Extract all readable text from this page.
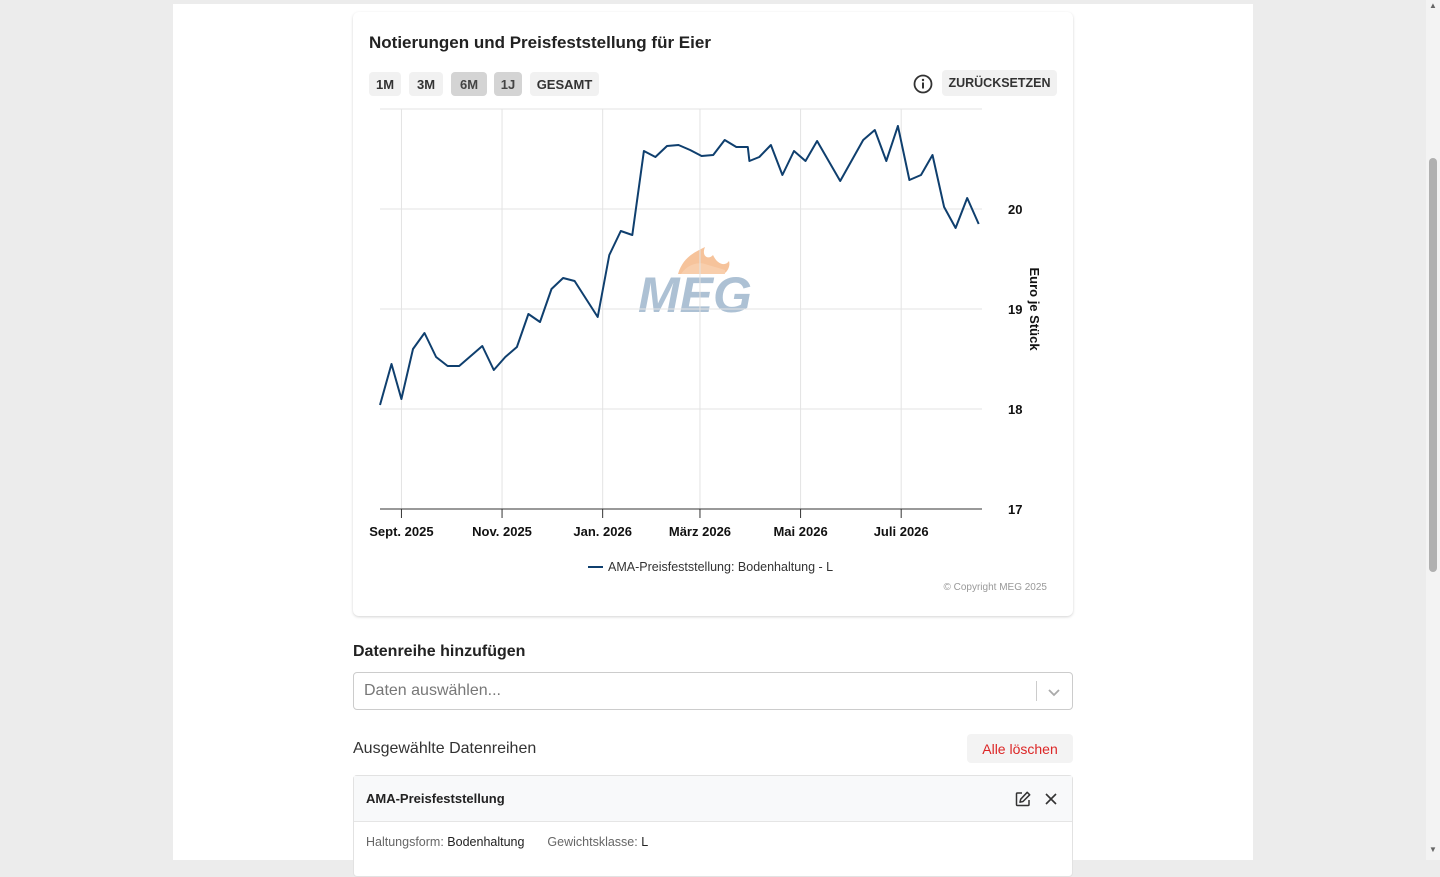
Notierungen und Preisfeststellung für Eier
1M	3M	6M	1J	GESAMT	ZURÜCKSETZEN
MEG
17
18
19
20
Sept. 2025	Nov. 2025	Jan. 2026	März 2026	Mai 2026	Juli 2026
Euro je Stück
AMA-Preisfeststellung: Bodenhaltung - L
© Copyright MEG 2025
Datenreihe hinzufügen
Daten auswählen...
Ausgewählte Datenreihen	Alle löschen
AMA-Preisfeststellung
Haltungsform: Bodenhaltung Gewichtsklasse: L
▲
▼
